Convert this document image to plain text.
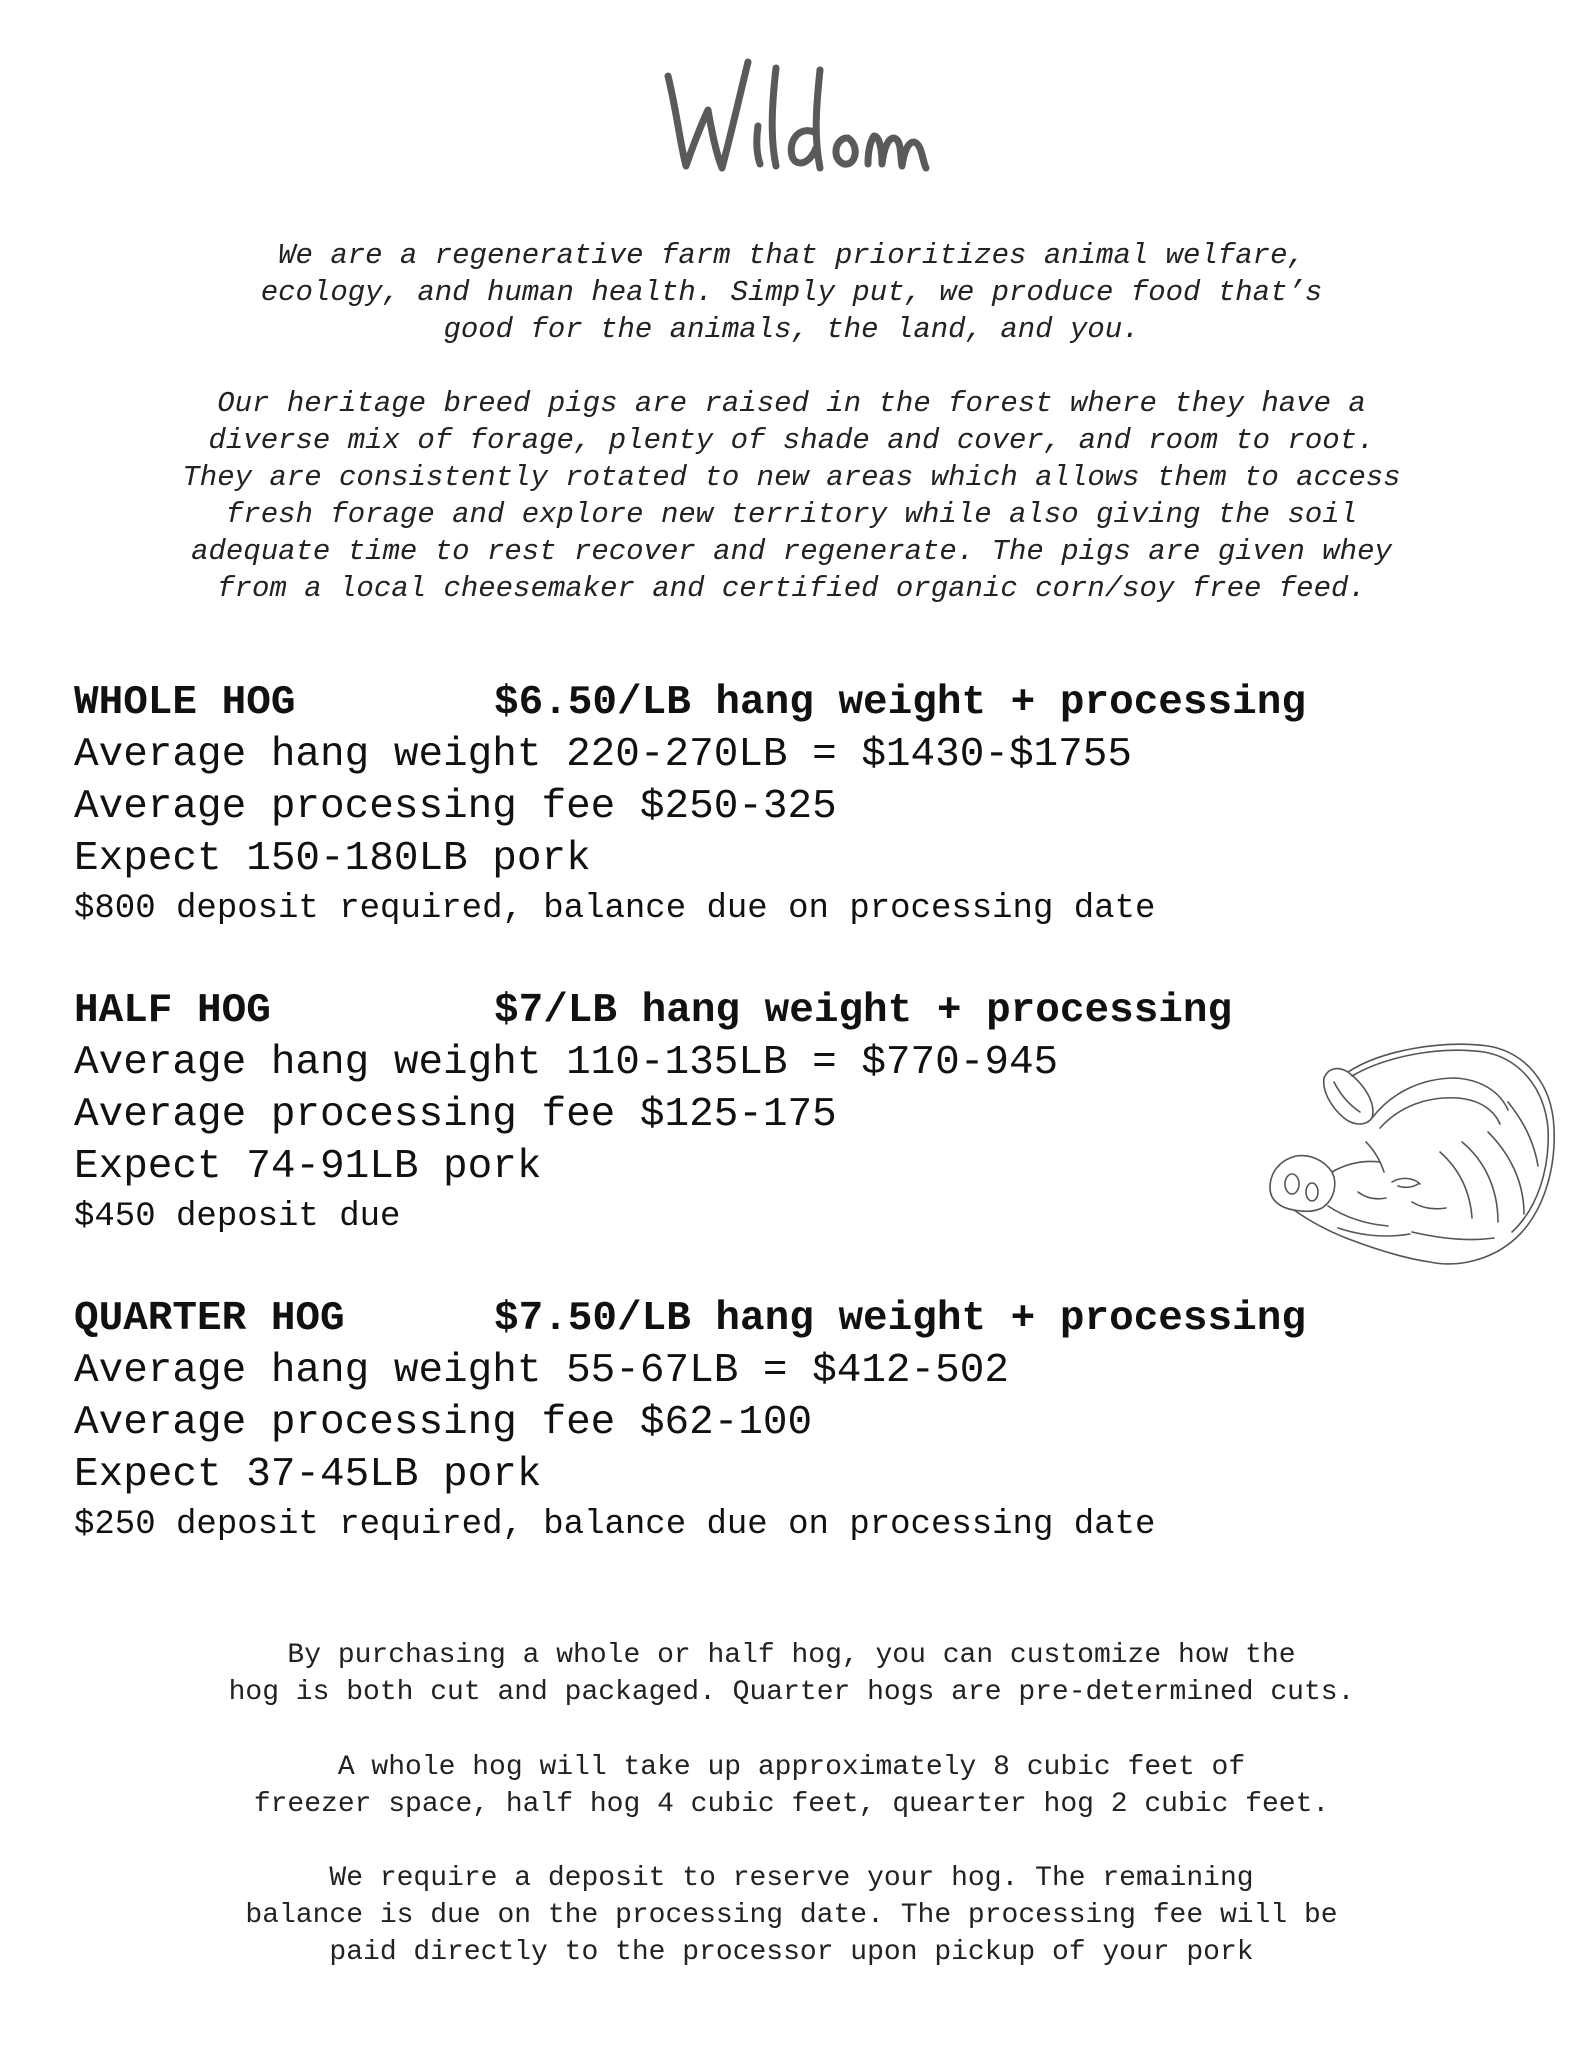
We are a regenerative farm that prioritizes animal welfare,
ecology, and human health. Simply put, we produce food that’s
good for the animals, the land, and you.

Our heritage breed pigs are raised in the forest where they have a
diverse mix of forage, plenty of shade and cover, and room to root.
They are consistently rotated to new areas which allows them to access
fresh forage and explore new territory while also giving the soil
adequate time to rest recover and regenerate. The pigs are given whey
from a local cheesemaker and certified organic corn/soy free feed.

WHOLE HOG	$6.50/LB hang weight + processing
Average hang weight 220-270LB = $1430-$1755
Average processing fee $250-325
Expect 150-180LB pork
$800 deposit required, balance due on processing date
HALF HOG	$7/LB hang weight + processing
Average hang weight 110-135LB = $770-945
Average processing fee $125-175
Expect 74-91LB pork
$450 deposit due
QUARTER HOG	$7.50/LB hang weight + processing
Average hang weight 55-67LB = $412-502
Average processing fee $62-100
Expect 37-45LB pork
$250 deposit required, balance due on processing date

By purchasing a whole or half hog, you can customize how the
hog is both cut and packaged. Quarter hogs are pre-determined cuts.

A whole hog will take up approximately 8 cubic feet of
freezer space, half hog 4 cubic feet, quearter hog 2 cubic feet.

We require a deposit to reserve your hog. The remaining
balance is due on the processing date. The processing fee will be
paid directly to the processor upon pickup of your pork
